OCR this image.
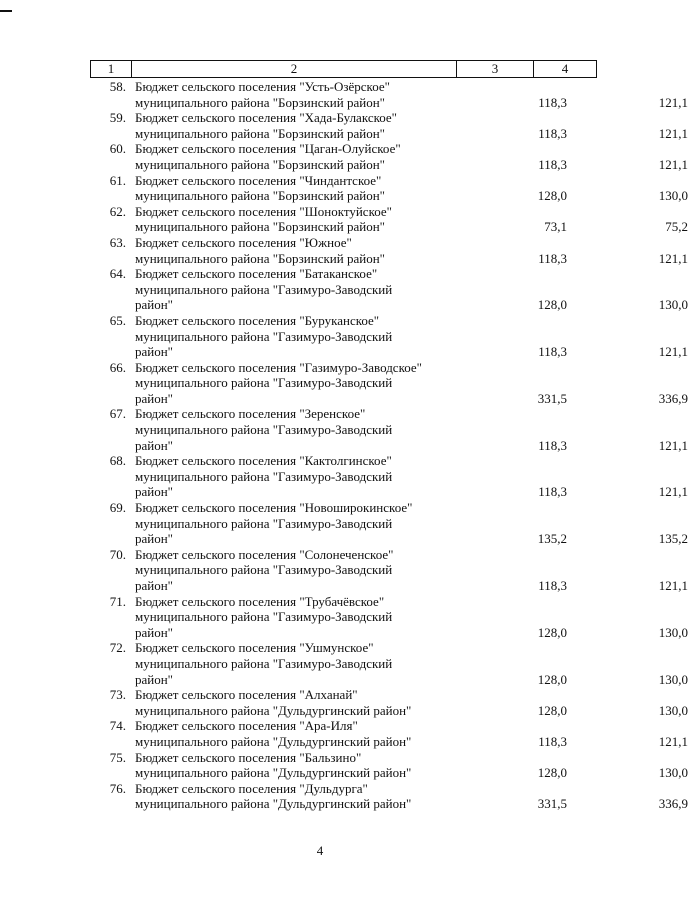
1	2	3	4
58. Бюджет сельского поселения "Усть-Озёрское"
муниципального района "Борзинский район"	118,3	121,1
59. Бюджет сельского поселения "Хада-Булакское"
муниципального района "Борзинский район"	118,3	121,1
60. Бюджет сельского поселения "Цаган-Олуйское"
муниципального района "Борзинский район"	118,3	121,1
61. Бюджет сельского поселения "Чиндантское"
муниципального района "Борзинский район"	128,0	130,0
62. Бюджет сельского поселения "Шоноктуйское"
муниципального района "Борзинский район"	73,1	75,2
63. Бюджет сельского поселения "Южное"
муниципального района "Борзинский район"	118,3	121,1
64. Бюджет сельского поселения "Батаканское"
муниципального района "Газимуро-Заводский
район"	128,0	130,0
65. Бюджет сельского поселения "Буруканское"
муниципального района "Газимуро-Заводский
район"	118,3	121,1
66. Бюджет сельского поселения "Газимуро-Заводское"
муниципального района "Газимуро-Заводский
район"	331,5	336,9
67. Бюджет сельского поселения "Зеренское"
муниципального района "Газимуро-Заводский
район"	118,3	121,1
68. Бюджет сельского поселения "Кактолгинское"
муниципального района "Газимуро-Заводский
район"	118,3	121,1
69. Бюджет сельского поселения "Новоширокинское"
муниципального района "Газимуро-Заводский
район"	135,2	135,2
70. Бюджет сельского поселения "Солонеченское"
муниципального района "Газимуро-Заводский
район"	118,3	121,1
71. Бюджет сельского поселения "Трубачёвское"
муниципального района "Газимуро-Заводский
район"	128,0	130,0
72. Бюджет сельского поселения "Ушмунское"
муниципального района "Газимуро-Заводский
район"	128,0	130,0
73. Бюджет сельского поселения "Алханай"
муниципального района "Дульдургинский район"	128,0	130,0
74. Бюджет сельского поселения "Ара-Иля"
муниципального района "Дульдургинский район"	118,3	121,1
75. Бюджет сельского поселения "Бальзино"
муниципального района "Дульдургинский район"	128,0	130,0
76. Бюджет сельского поселения "Дульдурга"
муниципального района "Дульдургинский район"	331,5	336,9
4
